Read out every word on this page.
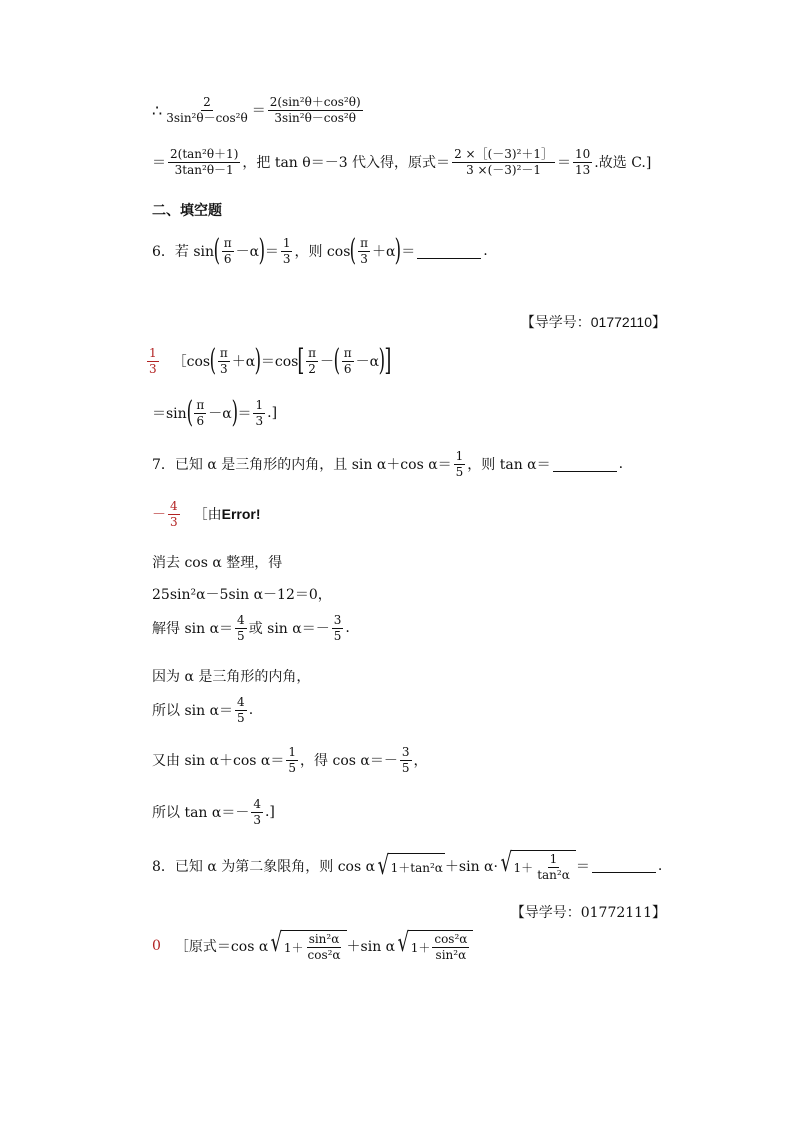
∴ $\frac{2}{\text{3sin²θ－cos²θ}} = \frac{\text{2(sin²θ＋cos²θ)}}{\text{3sin²θ－cos²θ}}$
＝ $\frac{\text{2(tan²θ＋1)}}{\text{3tan²θ－1}}$ ，把 tan θ＝－3 代入得，原式＝ $\frac{\text{2 ×［(－3)²＋1］}}{\text{3 ×(－3)²－1}} = \frac{10}{13}$ .故选 C.]
二、填空题
6．若 sin ( $\frac{\pi}{6} -\alpha$ ) ＝ $\frac{1}{3}$ ，则 cos ( $\frac{\pi}{3} +\alpha$ ) ＝	.
【导学号：01772110】
$\frac{1}{3}$ ［cos ( $\frac{\pi}{3} +\alpha$ ) ＝cos [ $\frac{\pi}{2}$ － ( $\frac{\pi}{6} -\alpha$ )
]
＝sin ( $\frac{\pi}{6} -\alpha$ ) ＝ $\frac{1}{3}$ .]
7．已知 α 是三角形的内角，且 sin α＋cos $\alpha= \frac{1}{5}$ ，则 tan α＝	.
－ $\frac{4}{3}$ ［由 Error!
消去 cos α 整理，得
25sin²α－5sin α－12＝0，
解得 $\sin \alpha= \frac{4}{5}$ 或 $\sin \alpha=- \frac{3}{5}$ .
因为 α 是三角形的内角，
所以 $\sin \alpha= \frac{4}{5}$ .
又由 sin α＋cos $\alpha= \frac{1}{5}$ ，得 $\cos \alpha=- \frac{3}{5}$ ，
所以 $\tan \alpha=- \frac{4}{3}$ .]
8．已知 α 为第二象限角，则 cos α √ 1＋tan²α ＋sin α· √ $1+ \frac{1}{\text{tan²α}}$ ＝	.
【导学号：01772111】
0 ［原式＝cos α √ $1+ \frac{\text{sin²α}}{\text{cos²α}} +\sin$ α √ $1+ \frac{\text{cos²α}}{\text{sin²α}}$
